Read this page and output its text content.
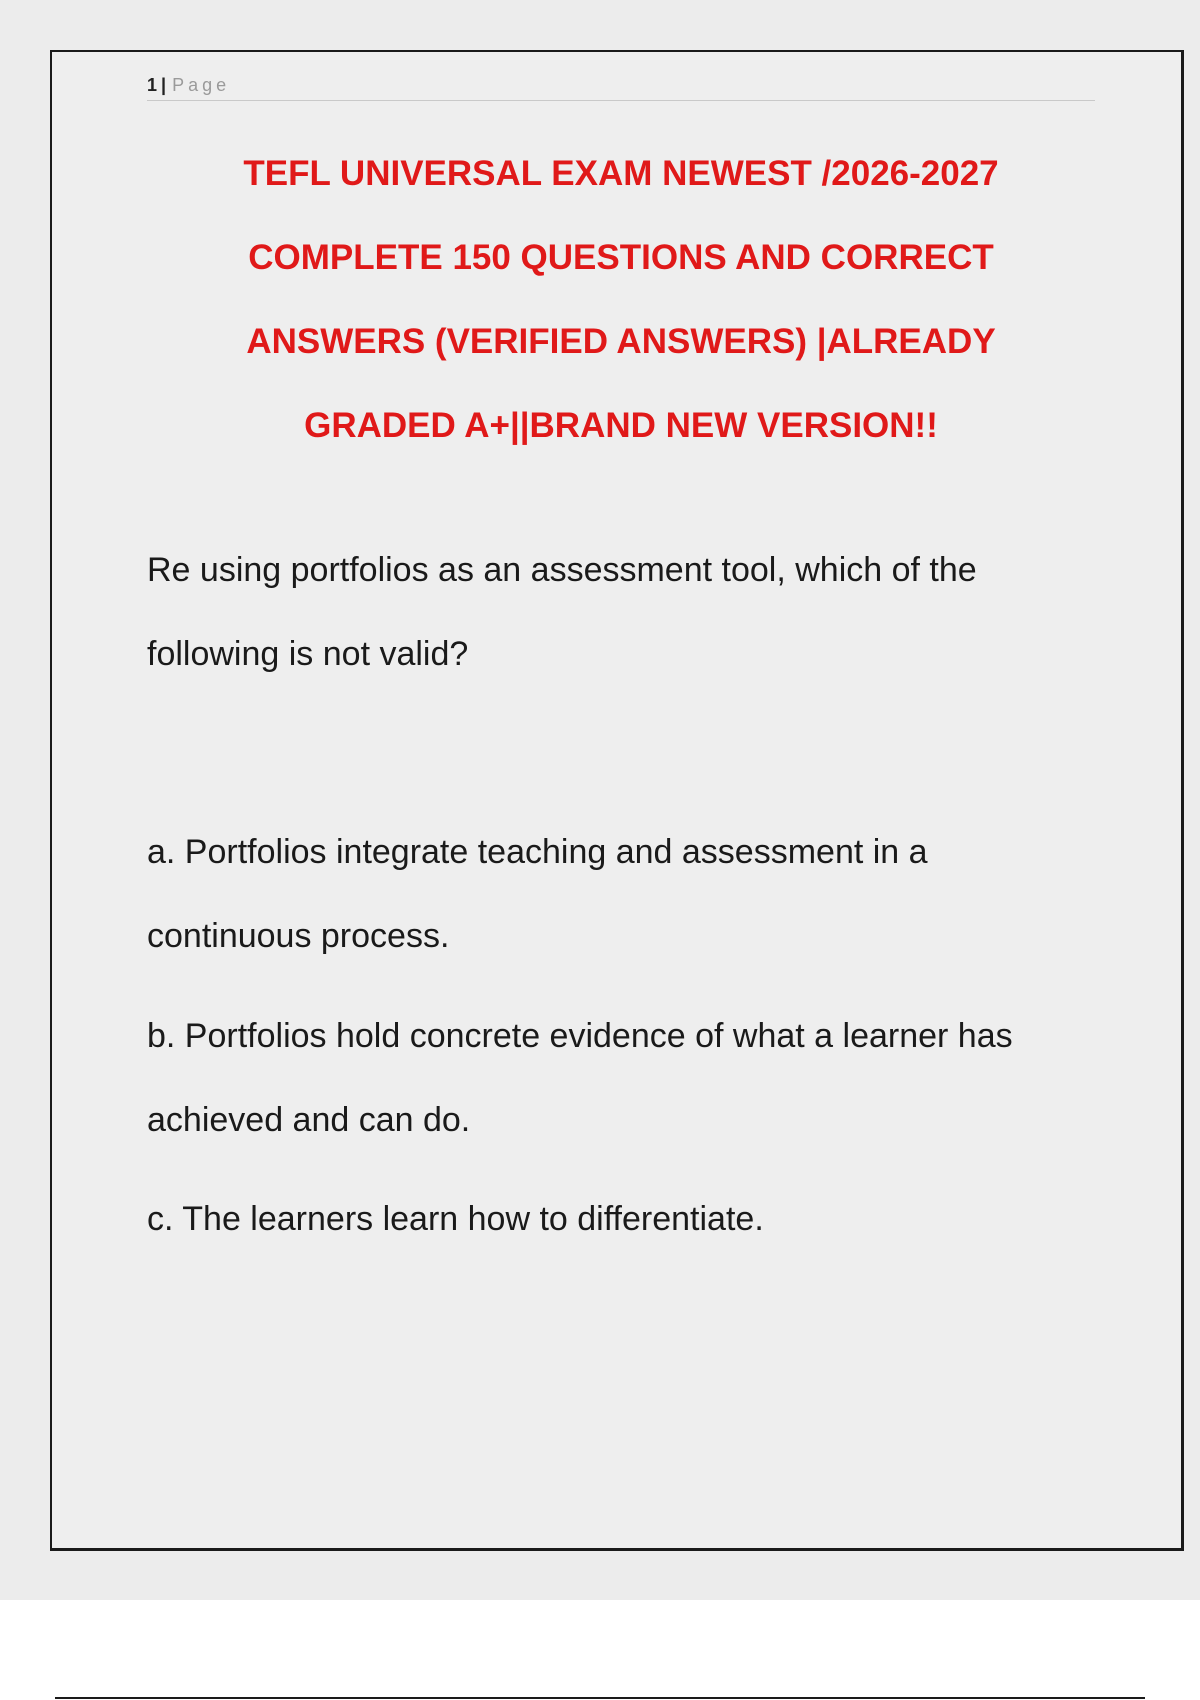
1 | Page
TEFL UNIVERSAL EXAM NEWEST /2026-2027
COMPLETE 150 QUESTIONS AND CORRECT
ANSWERS (VERIFIED ANSWERS) |ALREADY
GRADED A+||BRAND NEW VERSION!!
Re using portfolios as an assessment tool, which of the
following is not valid?
a. Portfolios integrate teaching and assessment in a
continuous process.
b. Portfolios hold concrete evidence of what a learner has
achieved and can do.
c. The learners learn how to differentiate.
